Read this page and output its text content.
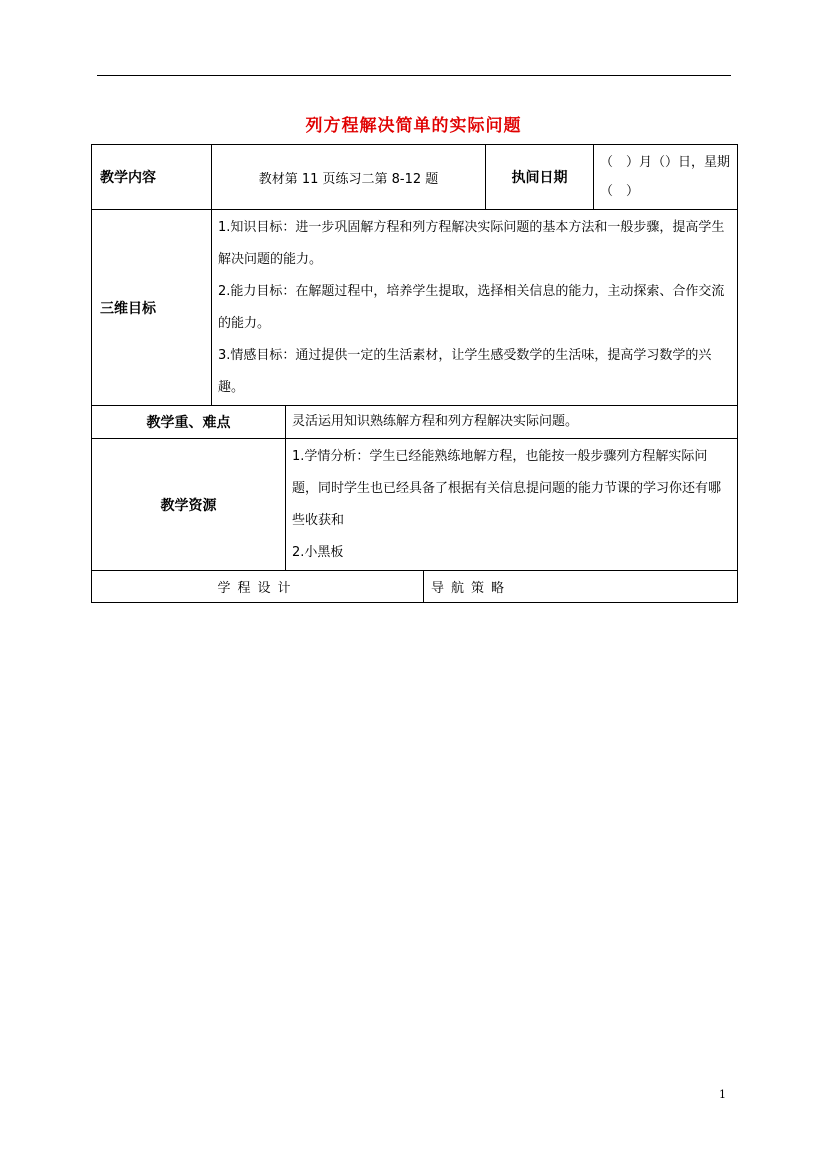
列方程解决简单的实际问题
教学内容	教材第 11 页练习二第 8-12 题			执间日期	（　）月（）日，星期（　）
三维目标	1.知识目标：进一步巩固解方程和列方程解决实际问题的基本方法和一般步骤，提高学生解决问题的能力。

2.能力目标：在解题过程中，培养学生提取，选择相关信息的能力，主动探索、合作交流的能力。

3.情感目标：通过提供一定的生活素材，让学生感受数学的生活味，提高学习数学的兴趣。				

教学重、难点		灵活运用知识熟练解方程和列方程解决实际问题。			
教学资源		1.学情分析：学生已经能熟练地解方程，也能按一般步骤列方程解实际问题，同时学生也已经具备了根据有关信息提问题的能力节课的学习你还有哪些收获和

2.小黑板			

学程设计			导航策略		
1
